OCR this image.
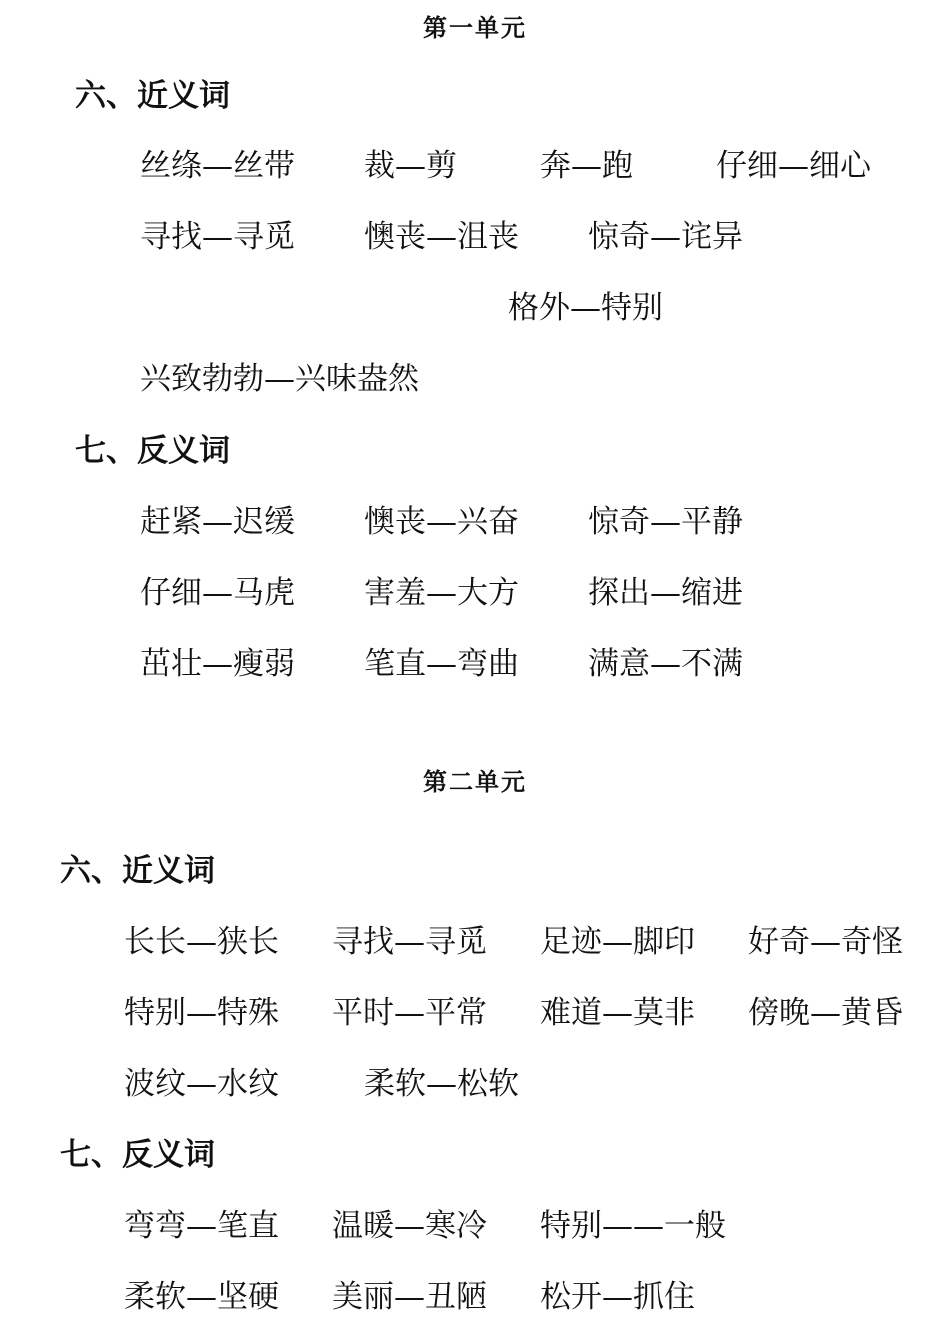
第一单元
六、近义词
丝绦—丝带 裁—剪	奔—跑	仔细—细心
寻找—寻觅 懊丧—沮丧 惊奇—诧异
格外—特别
兴致勃勃—兴味盎然
七、反义词
赶紧—迟缓 懊丧—兴奋 惊奇—平静
仔细—马虎 害羞—大方 探出—缩进
茁壮—瘦弱 笔直—弯曲 满意—不满
第二单元
六、近义词
长长—狭长 寻找—寻觅 足迹—脚印 好奇—奇怪
特别—特殊 平时—平常 难道—莫非 傍晚—黄昏
波纹—水纹	柔软—松软
七、反义词
弯弯—笔直 温暖—寒冷 特别——一般
柔软—坚硬 美丽—丑陋 松开—抓住
